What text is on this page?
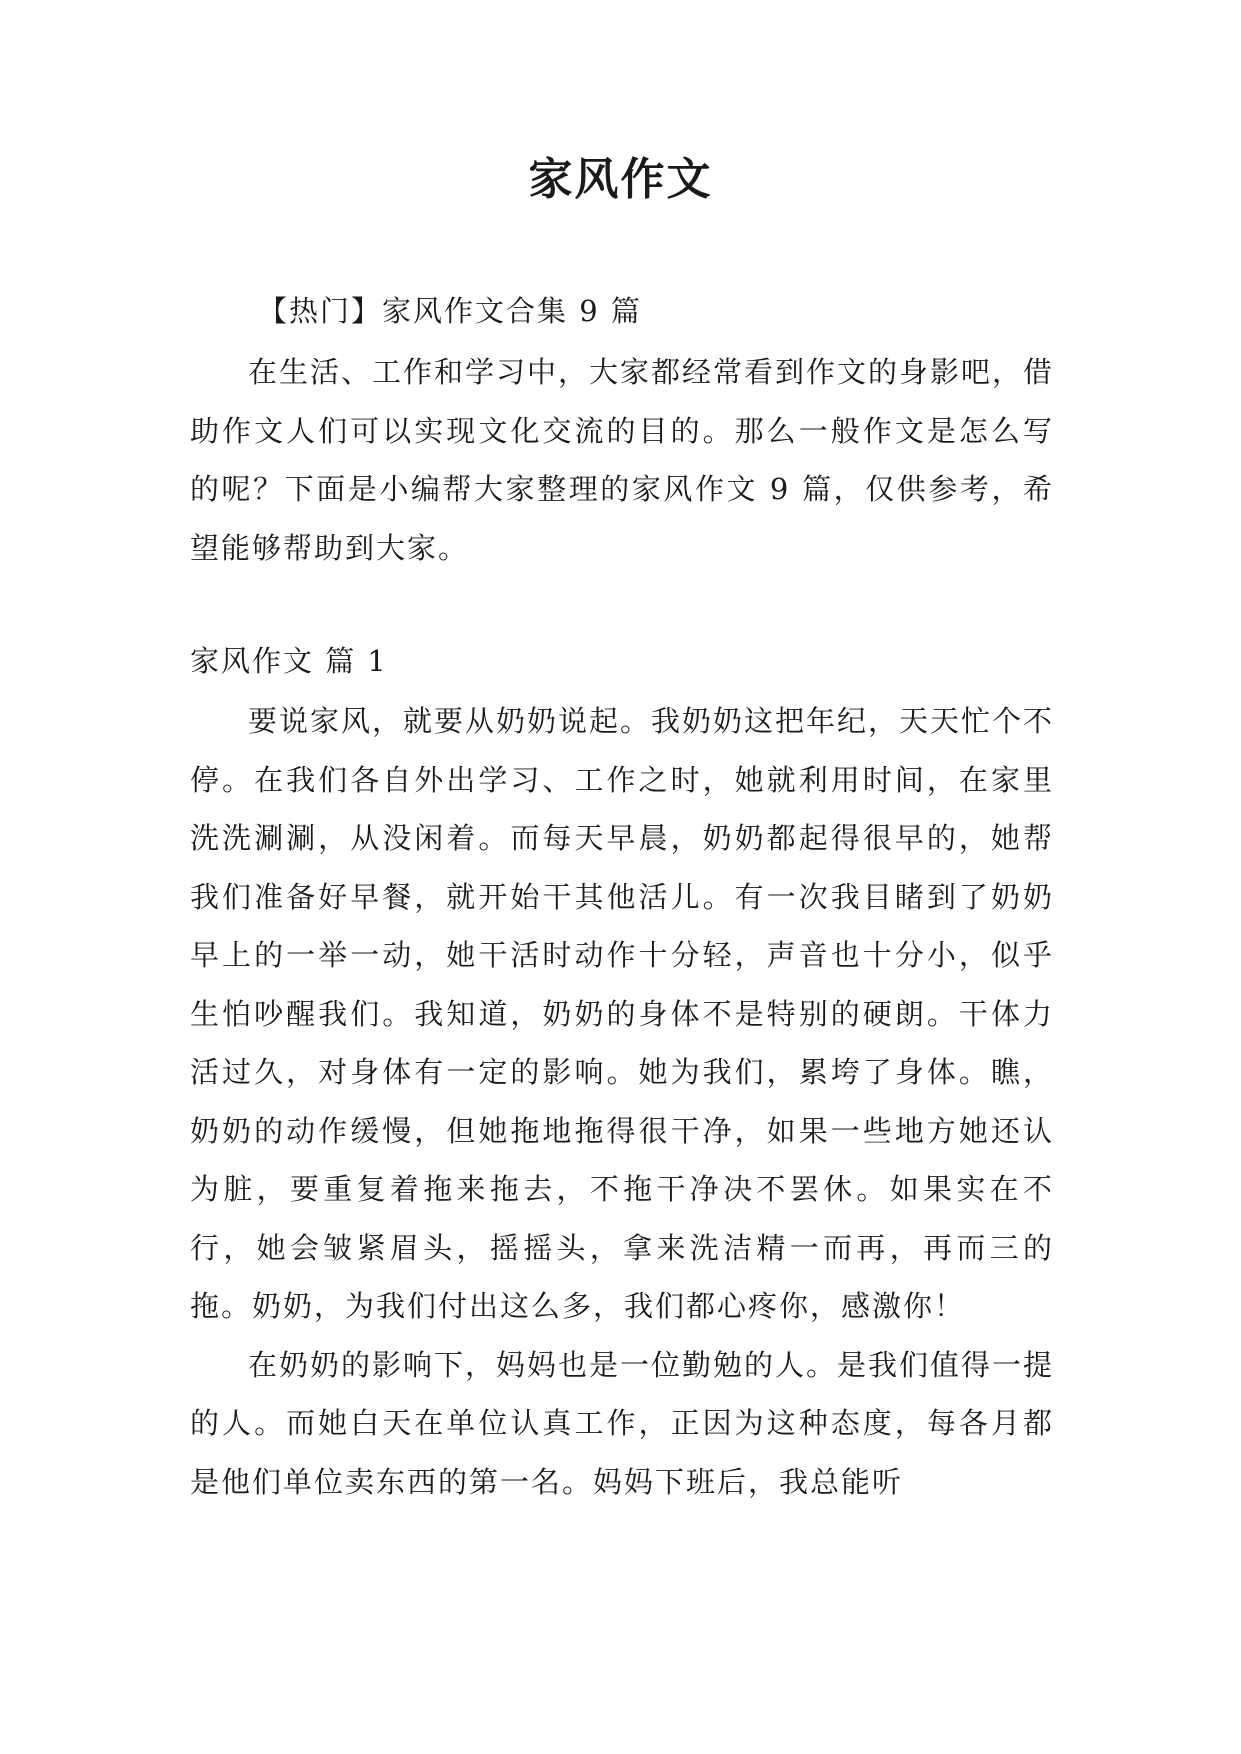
家风作文
【热门】家风作文合集 9 篇

在生活、工作和学习中，大家都经常看到作文的身影吧，借助作文人们可以实现文化交流的目的。那么一般作文是怎么写的呢？下面是小编帮大家整理的家风作文 9 篇，仅供参考，希望能够帮助到大家。

家风作文 篇 1

要说家风，就要从奶奶说起。我奶奶这把年纪，天天忙个不停。在我们各自外出学习、工作之时，她就利用时间，在家里洗洗涮涮，从没闲着。而每天早晨，奶奶都起得很早的，她帮我们准备好早餐，就开始干其他活儿。有一次我目睹到了奶奶早上的一举一动，她干活时动作十分轻，声音也十分小，似乎生怕吵醒我们。我知道，奶奶的身体不是特别的硬朗。干体力活过久，对身体有一定的影响。她为我们，累垮了身体。瞧，奶奶的动作缓慢，但她拖地拖得很干净，如果一些地方她还认为脏，要重复着拖来拖去，不拖干净决不罢休。如果实在不行，她会皱紧眉头，摇摇头，拿来洗洁精一而再，再而三的拖。奶奶，为我们付出这么多，我们都心疼你，感激你！

在奶奶的影响下，妈妈也是一位勤勉的人。是我们值得一提的人。而她白天在单位认真工作，正因为这种态度，每各月都是他们单位卖东西的第一名。妈妈下班后，我总能听
